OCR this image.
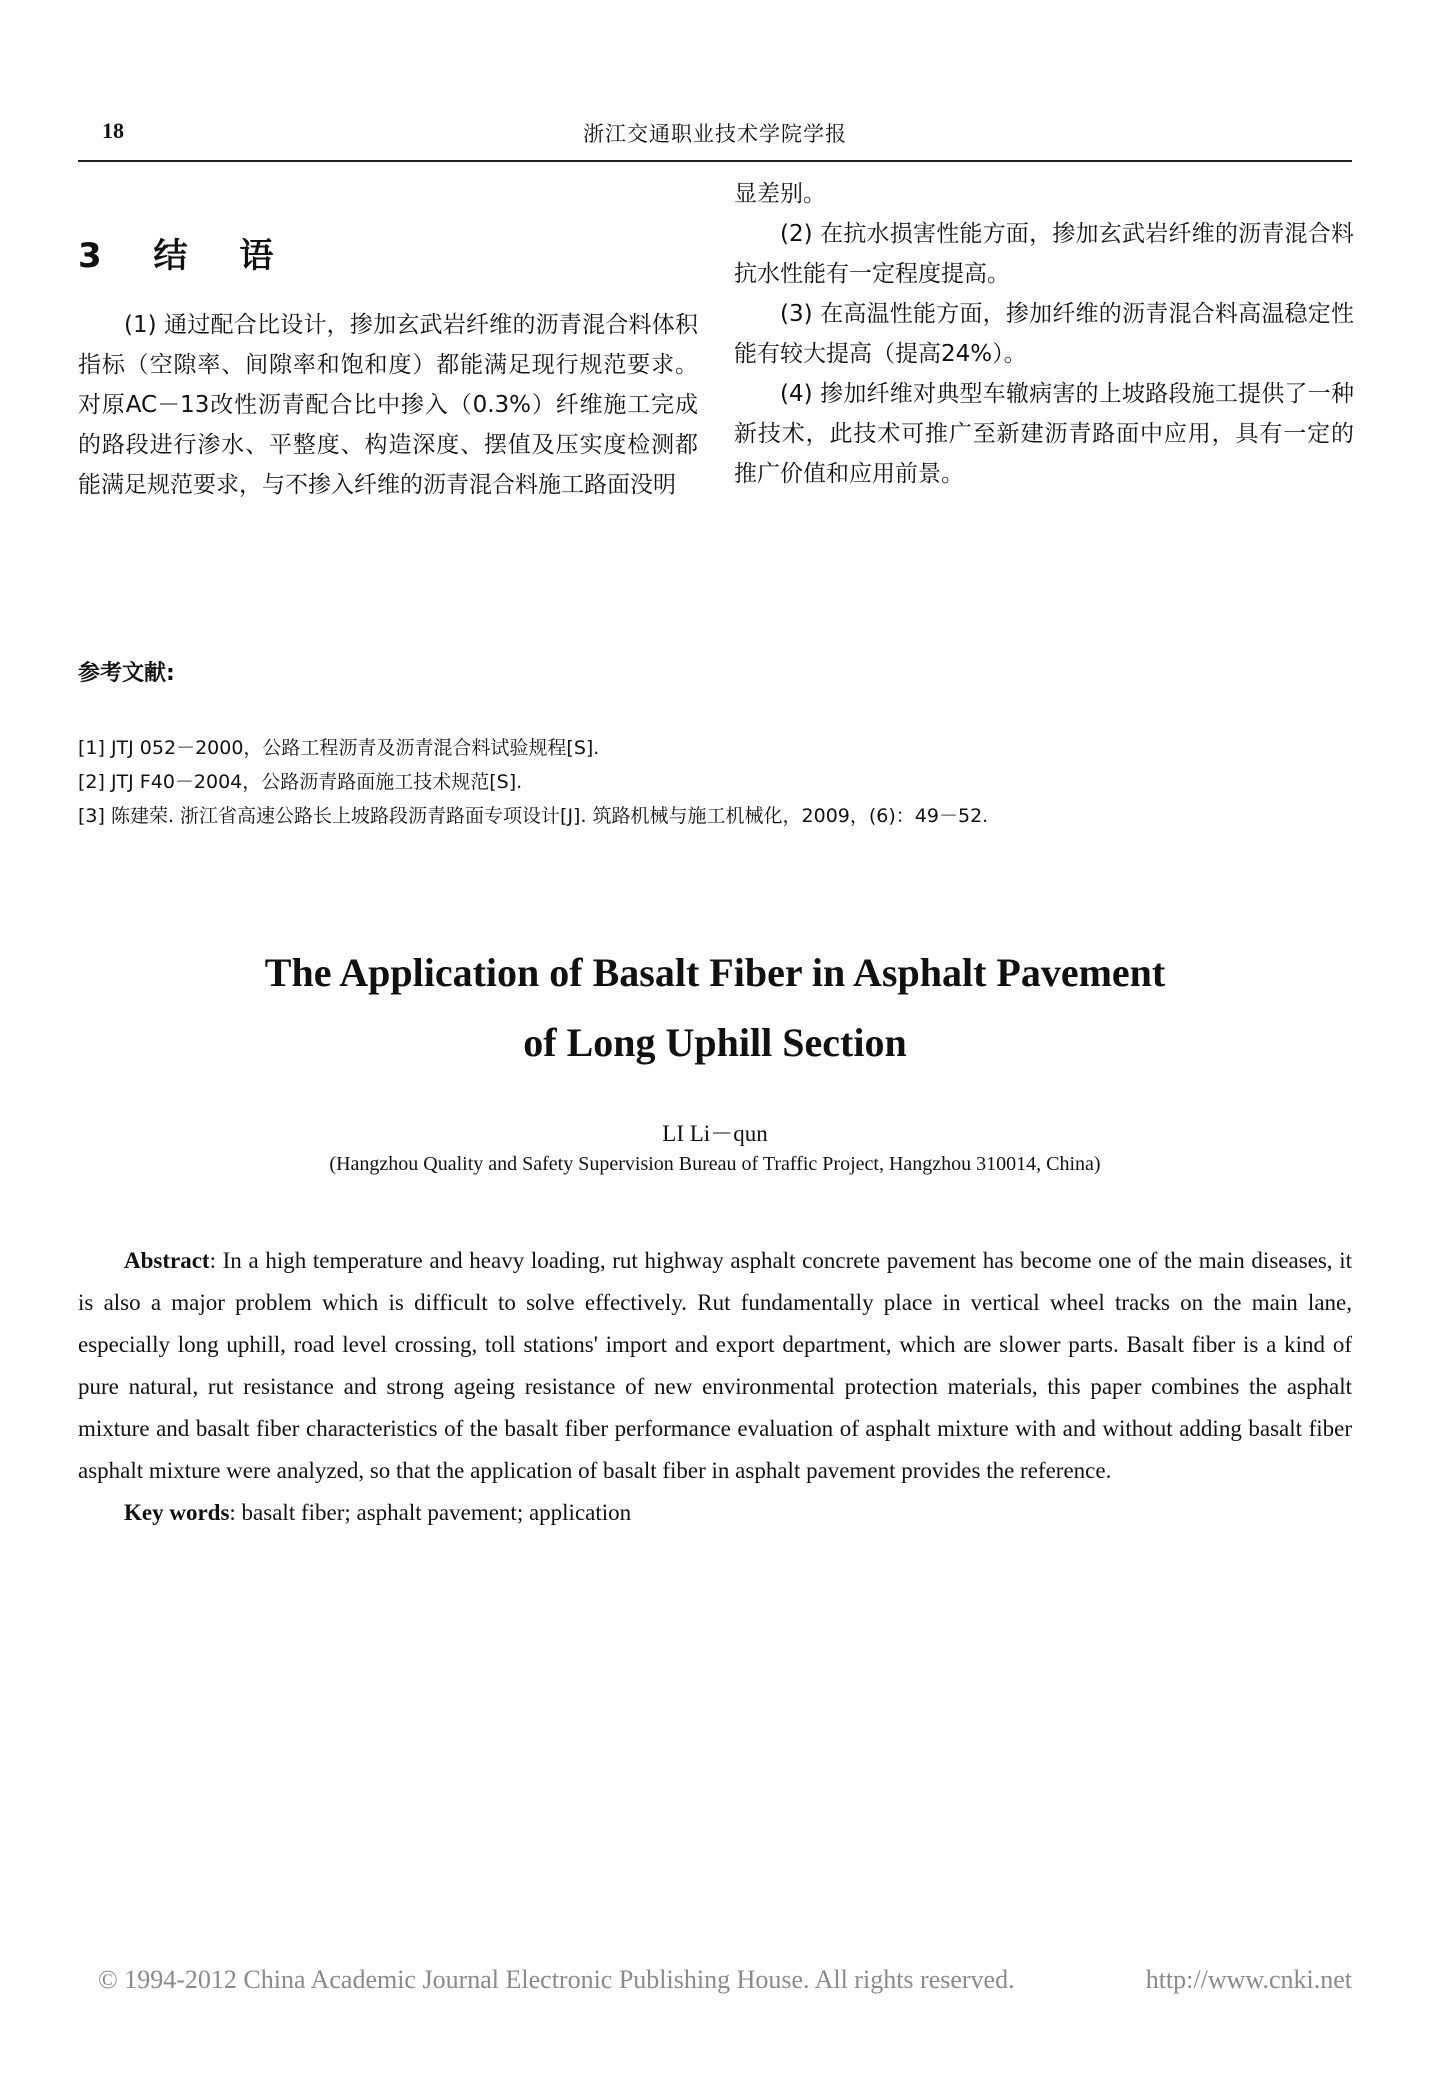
18	浙江交通职业技术学院学报
3 结 语

(1) 通过配合比设计，掺加玄武岩纤维的沥青混合料体积指标（空隙率、间隙率和饱和度）都能满足现行规范要求。对原AC－13改性沥青配合比中掺入（0.3%）纤维施工完成的路段进行渗水、平整度、构造深度、摆值及压实度检测都能满足规范要求，与不掺入纤维的沥青混合料施工路面没明

显差别。

(2) 在抗水损害性能方面，掺加玄武岩纤维的沥青混合料抗水性能有一定程度提高。

(3) 在高温性能方面，掺加纤维的沥青混合料高温稳定性能有较大提高（提高24%）。

(4) 掺加纤维对典型车辙病害的上坡路段施工提供了一种新技术，此技术可推广至新建沥青路面中应用，具有一定的推广价值和应用前景。

参考文献:
[1] JTJ 052－2000，公路工程沥青及沥青混合料试验规程[S].
[2] JTJ F40－2004，公路沥青路面施工技术规范[S].
[3] 陈建荣. 浙江省高速公路长上坡路段沥青路面专项设计[J]. 筑路机械与施工机械化，2009，(6)：49－52.
The Application of Basalt Fiber in Asphalt Pavement
of Long Uphill Section
LI Li－qun
(Hangzhou Quality and Safety Supervision Bureau of Traffic Project, Hangzhou 310014, China)

Abstract: In a high temperature and heavy loading, rut highway asphalt concrete pavement has become one of the main diseases, it is also a major problem which is difficult to solve effectively. Rut fundamentally place in vertical wheel tracks on the main lane, especially long uphill, road level crossing, toll stations' import and export department, which are slower parts. Basalt fiber is a kind of pure natural, rut resistance and strong ageing resistance of new environmental protection materials, this paper combines the asphalt mixture and basalt fiber characteristics of the basalt fiber performance evaluation of asphalt mixture with and without adding basalt fiber asphalt mixture were analyzed, so that the application of basalt fiber in asphalt pavement provides the reference.

Key words: basalt fiber; asphalt pavement; application

© 1994-2012 China Academic Journal Electronic Publishing House. All rights reserved.	http://www.cnki.net
